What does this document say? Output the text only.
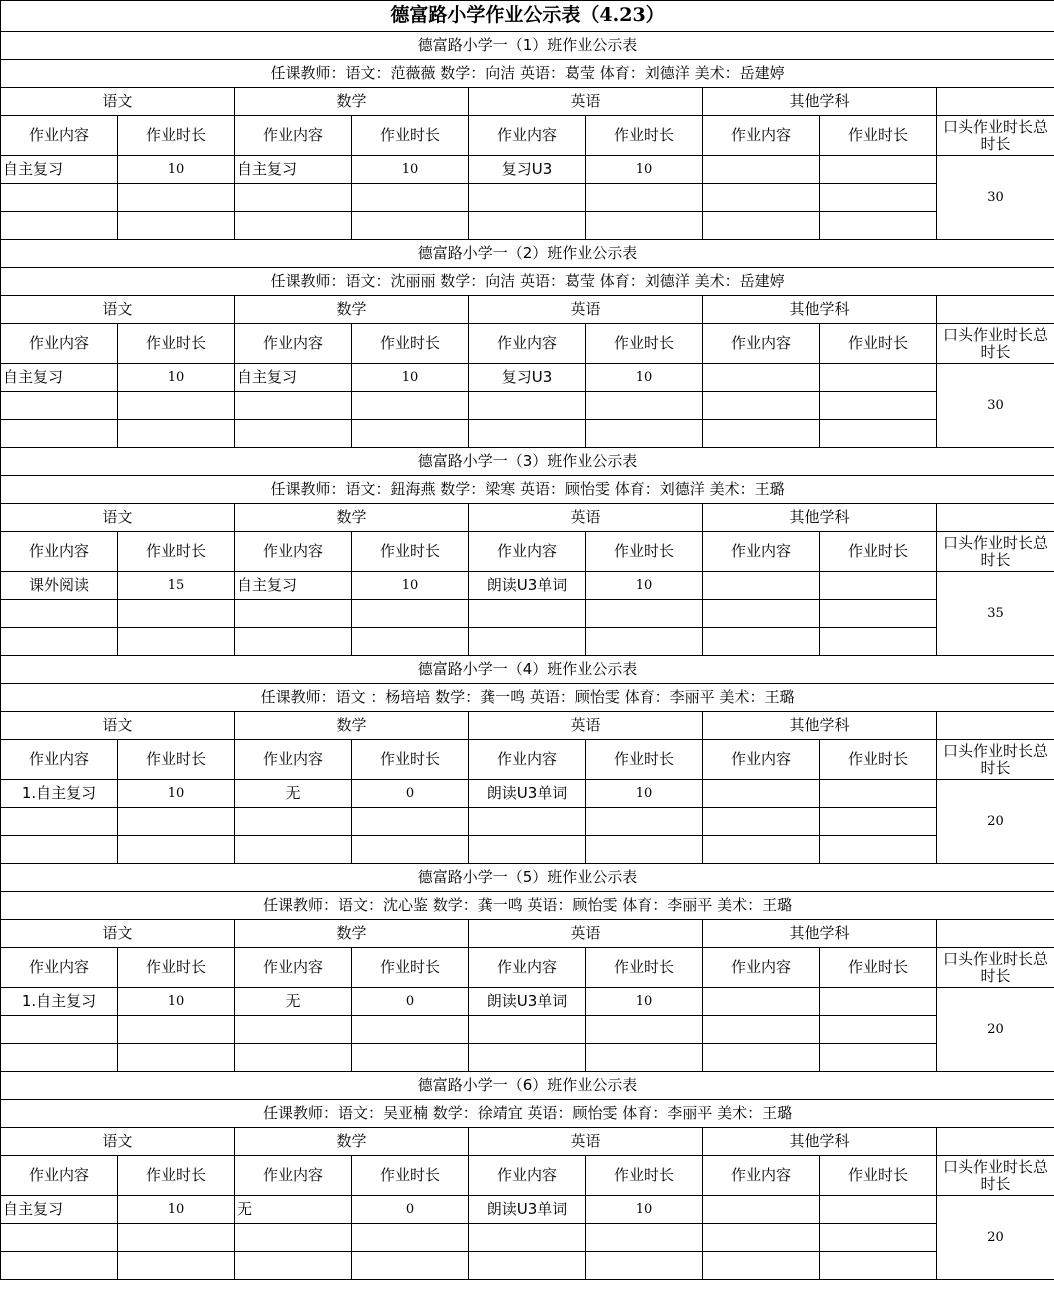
德富路小学作业公示表（4.23）								
德富路小学一（1）班作业公示表								
任课教师：语文：范薇薇 数学：向洁 英语：葛莹 体育：刘德洋 美术：岳建婷								
语文		数学		英语		其他学科		
作业内容	作业时长	作业内容	作业时长	作业内容	作业时长	作业内容	作业时长	口头作业时长总时长
自主复习	10	自主复习	10	复习U3	10			30

德富路小学一（2）班作业公示表								
任课教师：语文：沈丽丽 数学：向洁 英语：葛莹 体育：刘德洋 美术：岳建婷								
语文		数学		英语		其他学科		
作业内容	作业时长	作业内容	作业时长	作业内容	作业时长	作业内容	作业时长	口头作业时长总时长
自主复习	10	自主复习	10	复习U3	10			30

德富路小学一（3）班作业公示表								
任课教师：语文：鈕海燕 数学：梁寒 英语：顾怡雯 体育：刘德洋 美术：王璐								
语文		数学		英语		其他学科		
作业内容	作业时长	作业内容	作业时长	作业内容	作业时长	作业内容	作业时长	口头作业时长总时长
课外阅读	15	自主复习	10	朗读U3单词	10			35

德富路小学一（4）班作业公示表								
任课教师：语文 ：杨培培 数学：龚一鸣 英语：顾怡雯 体育：李丽平 美术：王璐								
语文		数学		英语		其他学科		
作业内容	作业时长	作业内容	作业时长	作业内容	作业时长	作业内容	作业时长	口头作业时长总时长
1.自主复习	10	无	0	朗读U3单词	10			20

德富路小学一（5）班作业公示表								
任课教师：语文：沈心鉴 数学：龚一鸣 英语：顾怡雯 体育：李丽平 美术：王璐								
语文		数学		英语		其他学科		
作业内容	作业时长	作业内容	作业时长	作业内容	作业时长	作业内容	作业时长	口头作业时长总时长
1.自主复习	10	无	0	朗读U3单词	10			20

德富路小学一（6）班作业公示表								
任课教师：语文：吴亚楠 数学：徐靖宜 英语：顾怡雯 体育：李丽平 美术：王璐								
语文		数学		英语		其他学科		
作业内容	作业时长	作业内容	作业时长	作业内容	作业时长	作业内容	作业时长	口头作业时长总时长
自主复习	10	无	0	朗读U3单词	10			20
